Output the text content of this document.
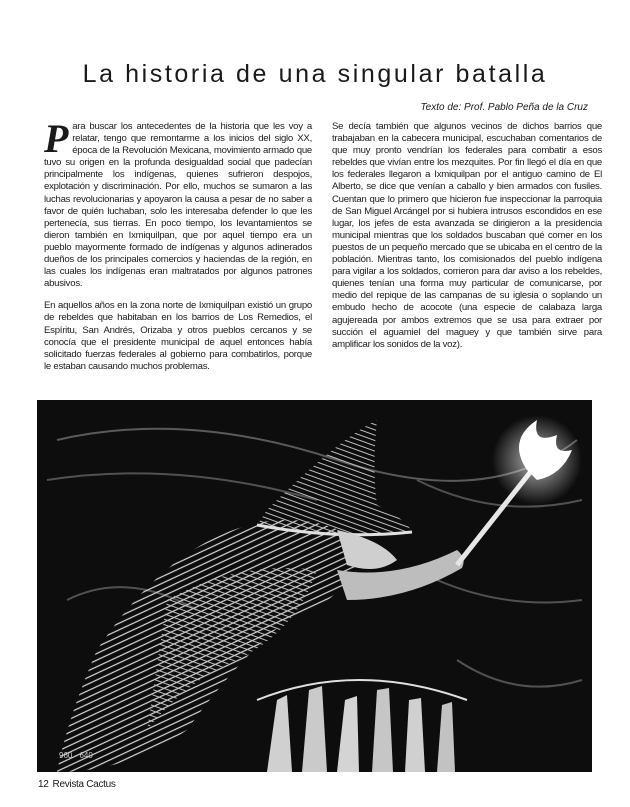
La historia de una singular batalla

Texto de: Prof. Pablo Peña de la Cruz

Para buscar los antecedentes de la historia que les voy a relatar, tengo que remontarme a los inicios del siglo XX, época de la Revolución Mexicana, movimiento armado que tuvo su origen en la profunda desigualdad social que padecían principalmente los indígenas, quienes sufrieron despojos, explotación y discriminación. Por ello, muchos se sumaron a las luchas revolucionarias y apoyaron la causa a pesar de no saber a favor de quién luchaban, solo les interesaba defender lo que les pertenecía, sus tierras. En poco tiempo, los levantamientos se dieron también en Ixmiquilpan, que por aquel tiempo era un pueblo mayormente formado de indígenas y algunos adinerados dueños de los principales comercios y haciendas de la región, en las cuales los indígenas eran maltratados por algunos patrones abusivos.

En aquellos años en la zona norte de Ixmiquilpan existió un grupo de rebeldes que habitaban en los barrios de Los Remedios, el Espíritu, San Andrés, Orizaba y otros pueblos cercanos y se conocía que el presidente municipal de aquel entonces había solicitado fuerzas federales al gobierno para combatirlos, porque le estaban causando muchos problemas.

Se decía también que algunos vecinos de dichos barrios que trabajaban en la cabecera municipal, escuchaban comentarios de que muy pronto vendrían los federales para combatir a esos rebeldes que vivían entre los mezquites. Por fin llegó el día en que los federales llegaron a Ixmiquilpan por el antiguo camino de El Alberto, se dice que venían a caballo y bien armados con fusiles. Cuentan que lo primero que hicieron fue inspeccionar la parroquia de San Miguel Arcángel por si hubiera intrusos escondidos en ese lugar, los jefes de esta avanzada se dirigieron a la presidencia municipal mientras que los soldados buscaban qué comer en los puestos de un pequeño mercado que se ubicaba en el centro de la población. Mientras tanto, los comisionados del pueblo indígena para vigilar a los soldados, corrieron para dar aviso a los rebeldes, quienes tenían una forma muy particular de comunicarse, por medio del repique de las campanas de su iglesia o soplando un embudo hecho de acocote (una especie de calabaza larga agujereada por ambos extremos que se usa para extraer por succión el aguamiel del maguey y que también sirve para amplificar los sonidos de la voz).

960 - 640
12 Revista Cactus
